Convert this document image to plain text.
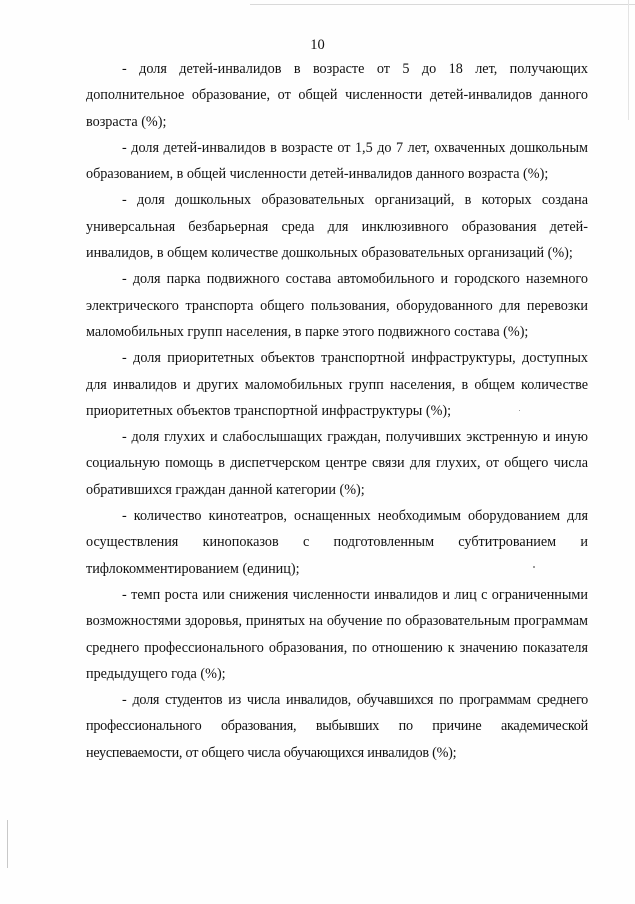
10

- доля детей-инвалидов в возрасте от 5 до 18 лет, получающих дополнительное образование, от общей численности детей-инвалидов данного возраста (%);

- доля детей-инвалидов в возрасте от 1,5 до 7 лет, охваченных дошкольным образованием, в общей численности детей-инвалидов данного возраста (%);

- доля дошкольных образовательных организаций, в которых создана универсальная безбарьерная среда для инклюзивного образования детей-инвалидов, в общем количестве дошкольных образовательных организаций (%);

- доля парка подвижного состава автомобильного и городского наземного электрического транспорта общего пользования, оборудованного для перевозки маломобильных групп населения, в парке этого подвижного состава (%);

- доля приоритетных объектов транспортной инфраструктуры, доступных для инвалидов и других маломобильных групп населения, в общем количестве приоритетных объектов транспортной инфраструктуры (%);

- доля глухих и слабослышащих граждан, получивших экстренную и иную социальную помощь в диспетчерском центре связи для глухих, от общего числа обратившихся граждан данной категории (%);

- количество кинотеатров, оснащенных необходимым оборудованием для осуществления кинопоказов с подготовленным субтитрованием и тифлокомментированием (единиц);

- темп роста или снижения численности инвалидов и лиц с ограниченными возможностями здоровья, принятых на обучение по образовательным программам среднего профессионального образования, по отношению к значению показателя предыдущего года (%);

- доля студентов из числа инвалидов, обучавшихся по программам среднего профессионального образования, выбывших по причине академической неуспеваемости, от общего числа обучающихся инвалидов (%);
